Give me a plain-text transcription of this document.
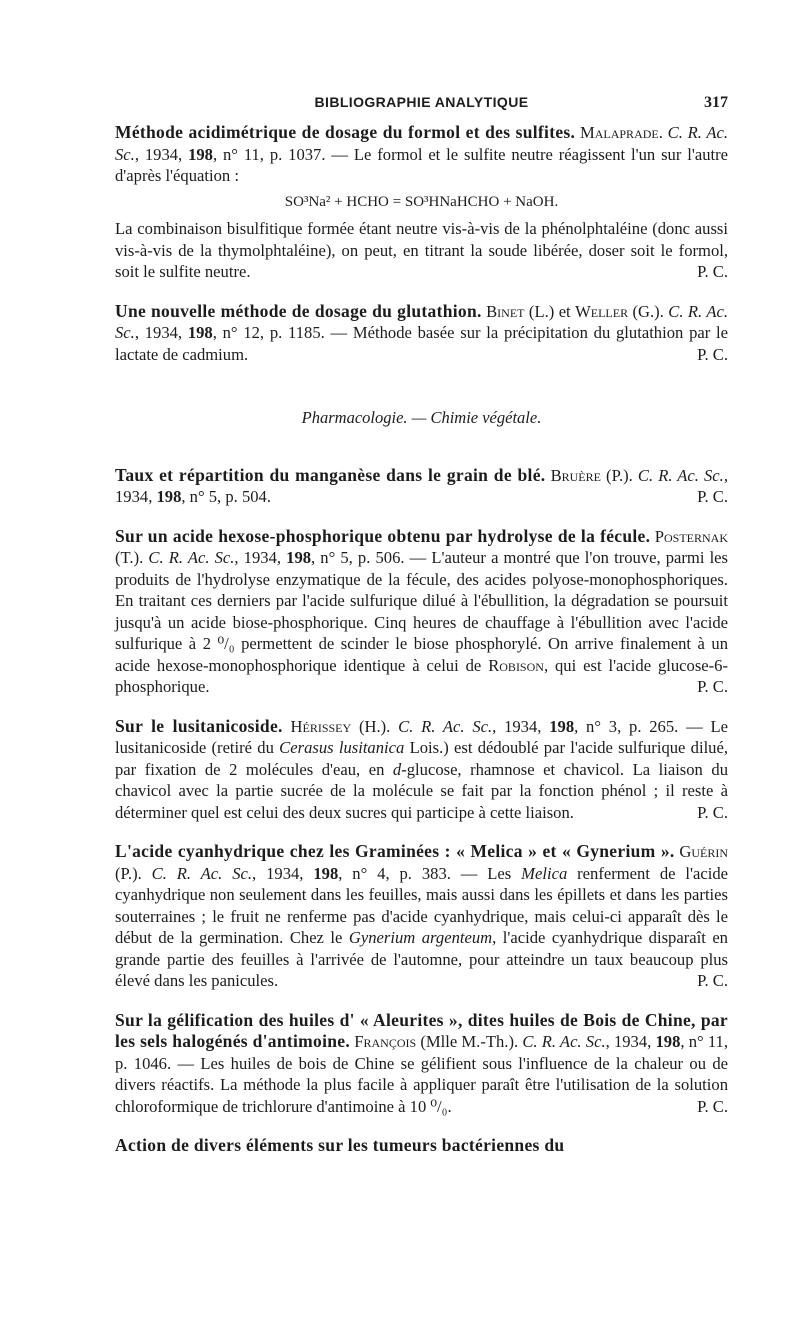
BIBLIOGRAPHIE ANALYTIQUE	317

Méthode acidimétrique de dosage du formol et des sulfites. Malaprade. C. R. Ac. Sc., 1934, 198, n° 11, p. 1037. — Le formol et le sulfite neutre réagissent l'un sur l'autre d'après l'équation :
SO³Na² + HCHO = SO³HNaHCHO + NaOH.
La combinaison bisulfitique formée étant neutre vis-à-vis de la phénolphtaléine (donc aussi vis-à-vis de la thymolphtaléine), on peut, en titrant la soude libérée, doser soit le formol, soit le sulfite neutre.	P. C.

Une nouvelle méthode de dosage du glutathion. Binet (L.) et Weller (G.). C. R. Ac. Sc., 1934, 198, n° 12, p. 1185. — Méthode basée sur la précipitation du glutathion par le lactate de cadmium.	P. C.

Pharmacologie. — Chimie végétale.

Taux et répartition du manganèse dans le grain de blé. Bruère (P.). C. R. Ac. Sc., 1934, 198, n° 5, p. 504.	P. C.

Sur un acide hexose-phosphorique obtenu par hydrolyse de la fécule. Posternak (T.). C. R. Ac. Sc., 1934, 198, n° 5, p. 506. — L'auteur a montré que l'on trouve, parmi les produits de l'hydrolyse enzymatique de la fécule, des acides polyose-monophosphoriques. En traitant ces derniers par l'acide sulfurique dilué à l'ébullition, la dégradation se poursuit jusqu'à un acide biose-phosphorique. Cinq heures de chauffage à l'ébullition avec l'acide sulfurique à 2 ⁰/₀ permettent de scinder le biose phosphorylé. On arrive finalement à un acide hexose-monophosphorique identique à celui de Robison, qui est l'acide glucose-6-phosphorique.	P. C.

Sur le lusitanicoside. Hérissey (H.). C. R. Ac. Sc., 1934, 198, n° 3, p. 265. — Le lusitanicoside (retiré du Cerasus lusitanica Lois.) est dédoublé par l'acide sulfurique dilué, par fixation de 2 molécules d'eau, en d-glucose, rhamnose et chavicol. La liaison du chavicol avec la partie sucrée de la molécule se fait par la fonction phénol ; il reste à déterminer quel est celui des deux sucres qui participe à cette liaison.	P. C.

L'acide cyanhydrique chez les Graminées : « Melica » et « Gynerium ». Guérin (P.). C. R. Ac. Sc., 1934, 198, n° 4, p. 383. — Les Melica renferment de l'acide cyanhydrique non seulement dans les feuilles, mais aussi dans les épillets et dans les parties souterraines ; le fruit ne renferme pas d'acide cyanhydrique, mais celui-ci apparaît dès le début de la germination. Chez le Gynerium argenteum, l'acide cyanhydrique disparaît en grande partie des feuilles à l'arrivée de l'automne, pour atteindre un taux beaucoup plus élevé dans les panicules.	P. C.

Sur la gélification des huiles d' « Aleurites », dites huiles de Bois de Chine, par les sels halogénés d'antimoine. François (Mlle M.-Th.). C. R. Ac. Sc., 1934, 198, n° 11, p. 1046. — Les huiles de bois de Chine se gélifient sous l'influence de la chaleur ou de divers réactifs. La méthode la plus facile à appliquer paraît être l'utilisation de la solution chloroformique de trichlorure d'antimoine à 10 ⁰/₀.	P. C.

Action de divers éléments sur les tumeurs bactériennes du
